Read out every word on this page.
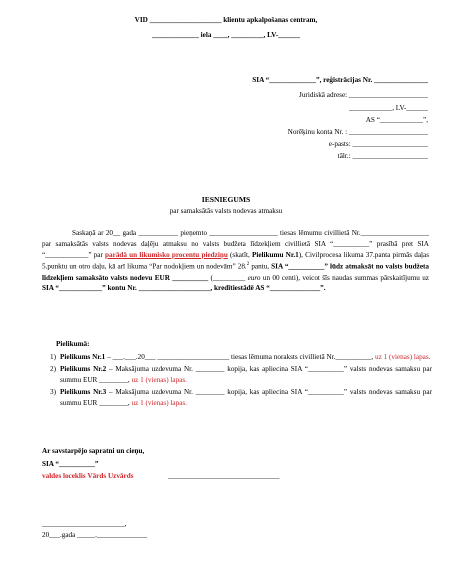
VID ____________________ klientu apkalpošanas centram,
_____________ iela ____, _________, LV-______
SIA “_____________”, reģistrācijas Nr. _______________
Juridiskā adrese: ______________________
____________, LV-______
AS “____________”,
Norēķinu konta Nr. : ______________________
e-pasts: _____________________
tālr.: _____________________
IESNIEGUMS
par samaksātās valsts nodevas atmaksu
Saskaņā ar 20__ gada ___________ pieņemto ___________________ tiesas lēmumu civillietā Nr.___________________ par samaksātās valsts nodevas daļēju atmaksu no valsts budžeta līdzekļiem civillietā SIA “__________” prasībā pret SIA “____________” par parādā un likumisko procentu piedziņu (skatīt, Pielikumu Nr.1), Civilprocesa likuma 37.panta pirmās daļas 5.punktu un otro daļu, kā arī likuma “Par nodokļiem un nodevām” 28.$^2$ pantu, SIA “__________” lūdz atmaksāt no valsts budžeta līdzekļiem samaksāto valsts nodevu EUR __________ (_________ euro un 00 centi), veicot šīs naudas summas pārskaitījumu uz SIA “____________” kontu Nr. ____________________, kredītiestādē AS “______________”.
Pielikumā:
1) Pielikums Nr.1 – ___.___.20___ ____________________ tiesas lēmuma noraksts civillietā Nr.__________, uz 1 (vienas) lapas.
2) Pielikums Nr.2 – Maksājuma uzdevuma Nr. ________ kopija, kas apliecina SIA “__________” valsts nodevas samaksu par summu EUR ________, uz 1 (vienas) lapas.
3) Pielikums Nr.3 – Maksājuma uzdevuma Nr. ________ kopija, kas apliecina SIA “__________” valsts nodevas samaksu par summu EUR ________, uz 1 (vienas) lapas.
Ar savstarpējo sapratni un cieņu,
SIA “__________”
valdes loceklis Vārds Uzvārds	_______________________________
_______________________,
20___.gada _____.______________
